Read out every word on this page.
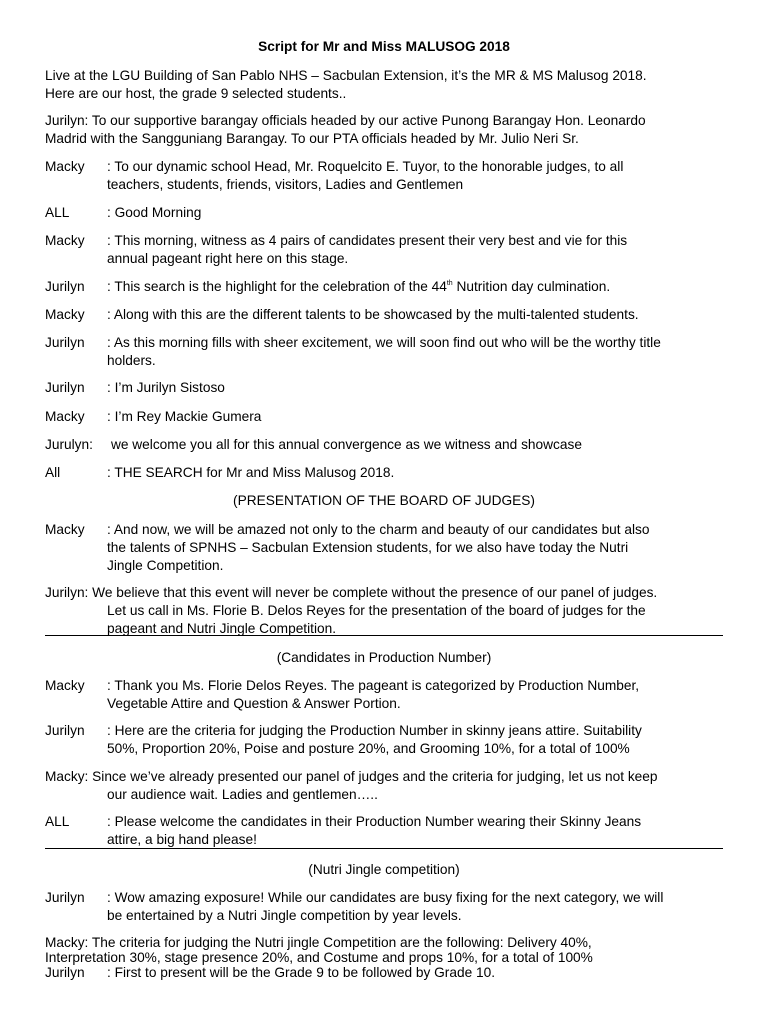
Script for Mr and Miss MALUSOG 2018
Live at the LGU Building of San Pablo NHS – Sacbulan Extension, it’s the MR & MS Malusog 2018.
Here are our host, the grade 9 selected students..
Jurilyn: To our supportive barangay officials headed by our active Punong Barangay Hon. Leonardo
Madrid with the Sangguniang Barangay. To our PTA officials headed by Mr. Julio Neri Sr.
Macky : To our dynamic school Head, Mr. Roquelcito E. Tuyor, to the honorable judges, to all
teachers, students, friends, visitors, Ladies and Gentlemen
ALL	: Good Morning
Macky : This morning, witness as 4 pairs of candidates present their very best and vie for this
annual pageant right here on this stage.
Jurilyn : This search is the highlight for the celebration of the 44th Nutrition day culmination.
Macky : Along with this are the different talents to be showcased by the multi-talented students.
Jurilyn : As this morning fills with sheer excitement, we will soon find out who will be the worthy title
holders.
Jurilyn : I’m Jurilyn Sistoso
Macky : I’m Rey Mackie Gumera
Jurulyn: we welcome you all for this annual convergence as we witness and showcase
All	: THE SEARCH for Mr and Miss Malusog 2018.
(PRESENTATION OF THE BOARD OF JUDGES)
Macky : And now, we will be amazed not only to the charm and beauty of our candidates but also
the talents of SPNHS – Sacbulan Extension students, for we also have today the Nutri
Jingle Competition.
Jurilyn: We believe that this event will never be complete without the presence of our panel of judges.
Let us call in Ms. Florie B. Delos Reyes for the presentation of the board of judges for the
pageant and Nutri Jingle Competition.
(Candidates in Production Number)
Macky : Thank you Ms. Florie Delos Reyes. The pageant is categorized by Production Number,
Vegetable Attire and Question & Answer Portion.
Jurilyn : Here are the criteria for judging the Production Number in skinny jeans attire. Suitability
50%, Proportion 20%, Poise and posture 20%, and Grooming 10%, for a total of 100%
Macky: Since we’ve already presented our panel of judges and the criteria for judging, let us not keep
our audience wait. Ladies and gentlemen…..
ALL	: Please welcome the candidates in their Production Number wearing their Skinny Jeans
attire, a big hand please!
(Nutri Jingle competition)
Jurilyn : Wow amazing exposure! While our candidates are busy fixing for the next category, we will
be entertained by a Nutri Jingle competition by year levels.
Macky: The criteria for judging the Nutri jingle Competition are the following: Delivery 40%,
Interpretation 30%, stage presence 20%, and Costume and props 10%, for a total of 100%
Jurilyn : First to present will be the Grade 9 to be followed by Grade 10.
